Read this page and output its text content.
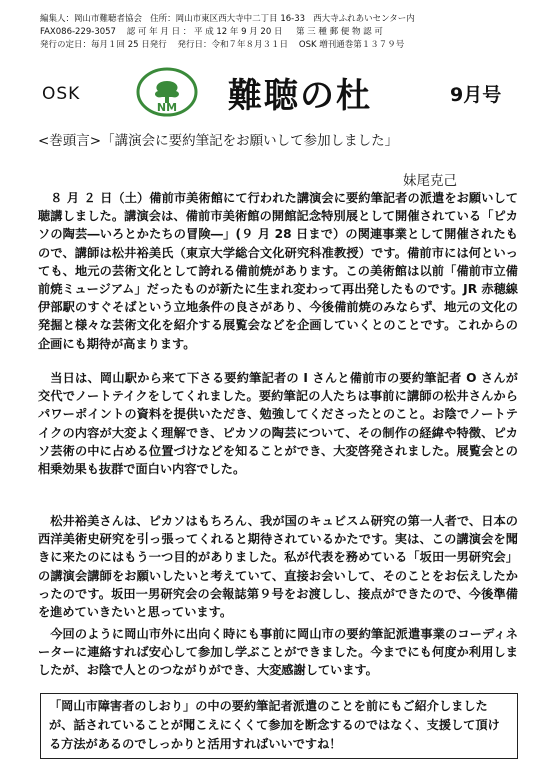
編集人：岡山市難聴者協会 住所：岡山市東区西大寺中二丁目 16-33 西大寺ふれあいセンター内
FAX086-229-3057 認 可 年 月 日 ： 平 成 12 年 9 月 20 日 第 三 種 郵 便 物 認 可
発行の定日：毎月１回 25 日発行 発行日：令和７年８月３１日 OSK 増刊通巻第１３７９号
OSK
NM 難聴の杜	9月号
<巻頭言>「講演会に要約筆記をお願いして参加しました」
妹尾克己

８ 月 ２ 日（土）備前市美術館にて行われた講演会に要約筆記者の派遣をお願いして聴講しました。講演会は、備前市美術館の開館記念特別展として開催されている「ピカソの陶芸―いろとかたちの冒険―」(９ 月 28 日まで）の関連事業として開催されたもので、講師は松井裕美氏（東京大学総合文化研究科准教授）です。備前市には何といっても、地元の芸術文化として誇れる備前焼があります。この美術館は以前「備前市立備前焼ミュージアム」だったものが新たに生まれ変わって再出発したものです。JR 赤穂線伊部駅のすぐそばという立地条件の良さがあり、今後備前焼のみならず、地元の文化の発掘と様々な芸術文化を紹介する展覧会などを企画していくとのことです。これからの企画にも期待が高まります。

当日は、岡山駅から来て下さる要約筆記者の I さんと備前市の要約筆記者 O さんが交代でノートテイクをしてくれました。要約筆記の人たちは事前に講師の松井さんからパワーポイントの資料を提供いただき、勉強してくださったとのこと。お陰でノートテイクの内容が大変よく理解でき、ピカソの陶芸について、その制作の経緯や特徴、ピカソ芸術の中に占める位置づけなどを知ることができ、大変啓発されました。展覧会との相乗効果も抜群で面白い内容でした。

松井裕美さんは、ピカソはもちろん、我が国のキュビスム研究の第一人者で、日本の西洋美術史研究を引っ張ってくれると期待されているかたです。実は、この講演会を聞きに来たのにはもう一つ目的がありました。私が代表を務めている「坂田一男研究会」の講演会講師をお願いしたいと考えていて、直接お会いして、そのことをお伝えしたかったのです。坂田一男研究会の会報誌第９号をお渡しし、接点ができたので、今後準備を進めていきたいと思っています。

今回のように岡山市外に出向く時にも事前に岡山市の要約筆記派遣事業のコーディネーターに連絡すれば安心して参加し学ぶことができました。今までにも何度か利用しましたが、お陰で人とのつながりができ、大変感謝しています。

「岡山市障害者のしおり」の中の要約筆記者派遣のことを前にもご紹介しましたが、話されていることが聞こえにくくて参加を断念するのではなく、支援して頂ける方法があるのでしっかりと活用すればいいですね！
